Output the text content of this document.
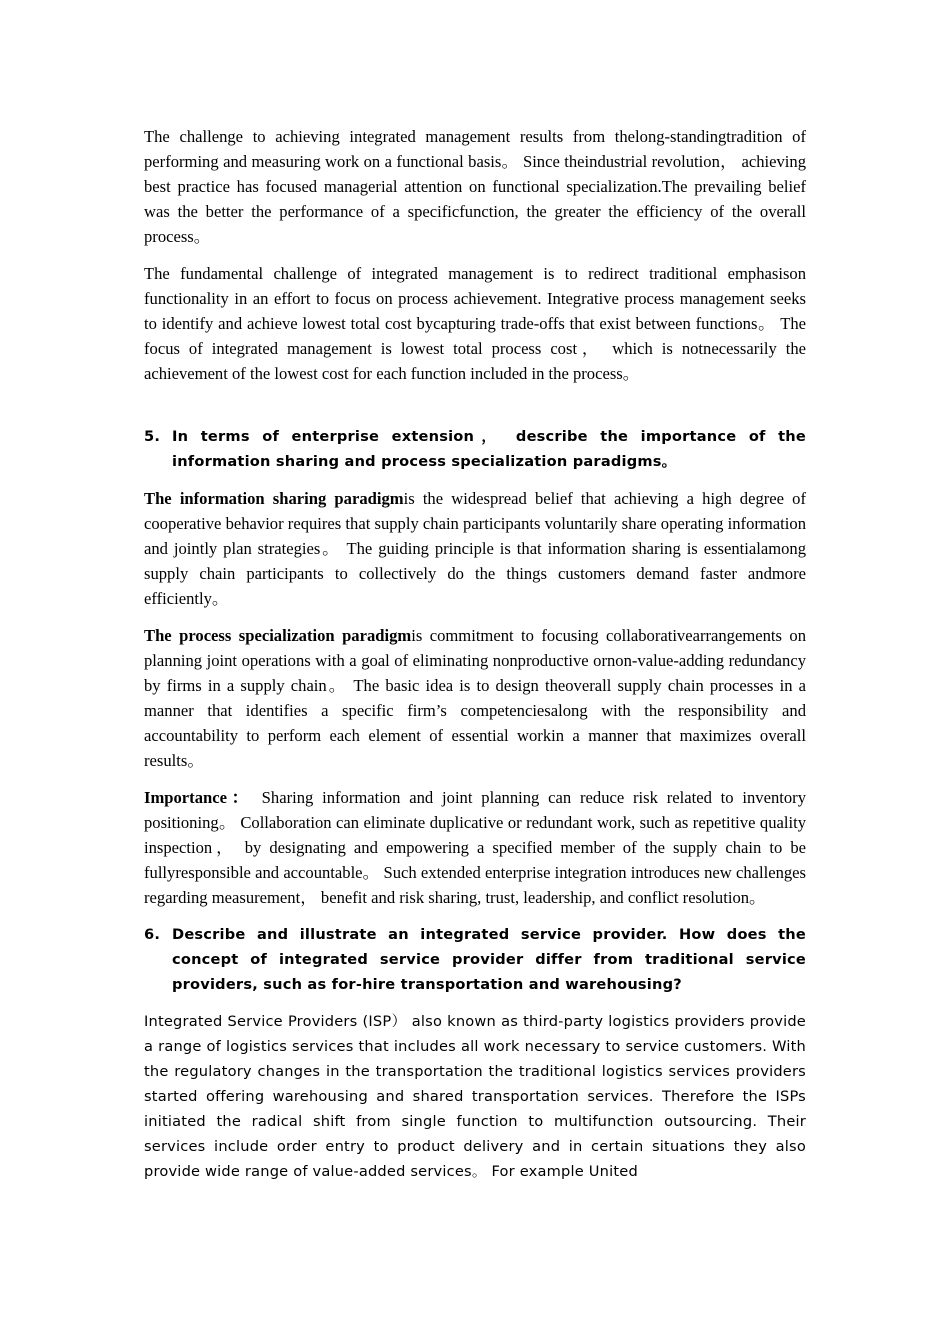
The challenge to achieving integrated management results from thelong-standingtradition of performing and measuring work on a functional basis。 Since theindustrial revolution， achieving best practice has focused managerial attention on functional specialization.The prevailing belief was the better the performance of a specificfunction, the greater the efficiency of the overall process。

The fundamental challenge of integrated management is to redirect traditional emphasison functionality in an effort to focus on process achievement. Integrative process management seeks to identify and achieve lowest total cost bycapturing trade-offs that exist between functions。 The focus of integrated management is lowest total process cost， which is notnecessarily the achievement of the lowest cost for each function included in the process。

5. In terms of enterprise extension， describe the importance of the information sharing and process specialization paradigms。

The information sharing paradigmis the widespread belief that achieving a high degree of cooperative behavior requires that supply chain participants voluntarily share operating information and jointly plan strategies。 The guiding principle is that information sharing is essentialamong supply chain participants to collectively do the things customers demand faster andmore efficiently。

The process specialization paradigmis commitment to focusing collaborativearrangements on planning joint operations with a goal of eliminating nonproductive ornon-value-adding redundancy by firms in a supply chain。 The basic idea is to design theoverall supply chain processes in a manner that identifies a specific firm’s competenciesalong with the responsibility and accountability to perform each element of essential workin a manner that maximizes overall results。

Importance： Sharing information and joint planning can reduce risk related to inventory positioning。 Collaboration can eliminate duplicative or redundant work, such as repetitive quality inspection， by designating and empowering a specified member of the supply chain to be fullyresponsible and accountable。 Such extended enterprise integration introduces new challenges regarding measurement， benefit and risk sharing, trust, leadership, and conflict resolution。

6. Describe and illustrate an integrated service provider. How does the concept of integrated service provider differ from traditional service providers, such as for-hire transportation and warehousing?

Integrated Service Providers (ISP） also known as third-party logistics providers provide a range of logistics services that includes all work necessary to service customers. With the regulatory changes in the transportation the traditional logistics services providers started offering warehousing and shared transportation services. Therefore the ISPs initiated the radical shift from single function to multifunction outsourcing. Their services include order entry to product delivery and in certain situations they also provide wide range of value-added services。 For example United
